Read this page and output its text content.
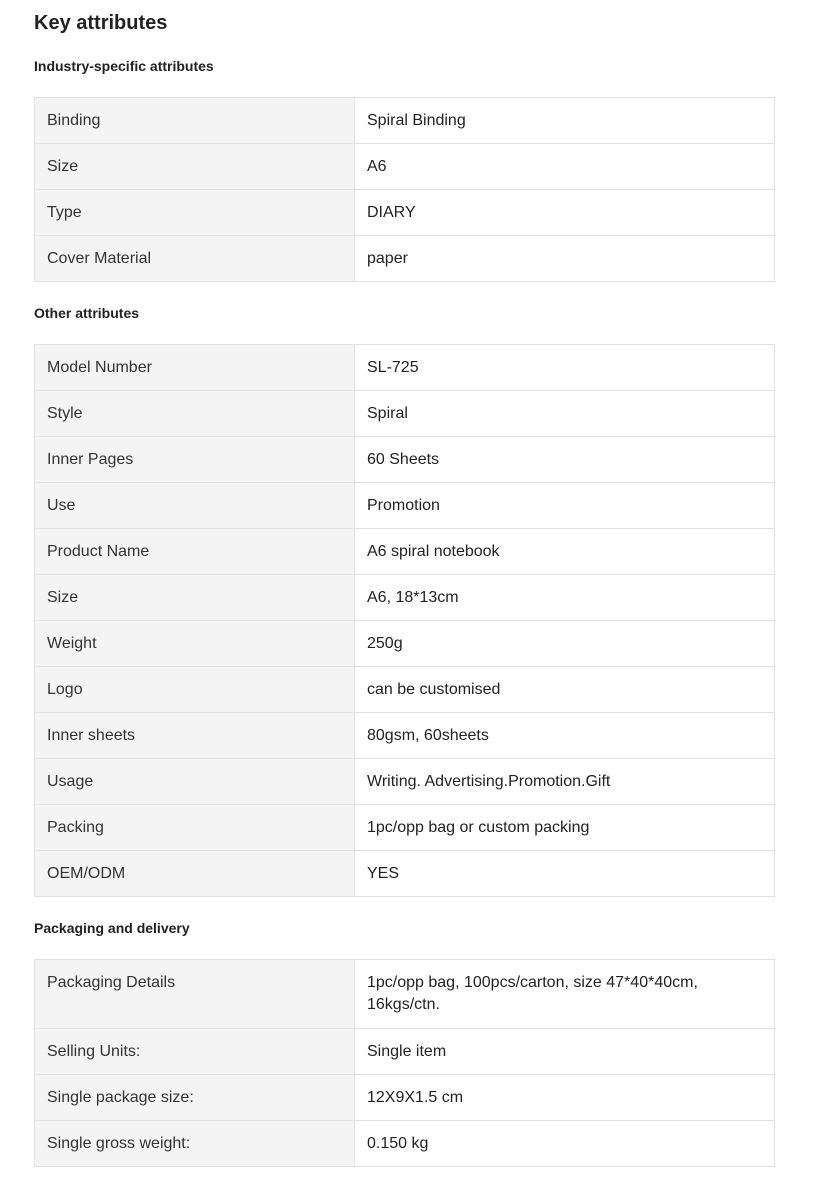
Key attributes
Industry-specific attributes
Binding	Spiral Binding
Size	A6
Type	DIARY
Cover Material	paper
Other attributes
Model Number	SL-725
Style	Spiral
Inner Pages	60 Sheets
Use	Promotion
Product Name	A6 spiral notebook
Size	A6, 18*13cm
Weight	250g
Logo	can be customised
Inner sheets	80gsm, 60sheets
Usage	Writing. Advertising.Promotion.Gift
Packing	1pc/opp bag or custom packing
OEM/ODM	YES
Packaging and delivery
Packaging Details	1pc/opp bag, 100pcs/carton, size 47*40*40cm, 16kgs/ctn.
Selling Units:	Single item
Single package size:	12X9X1.5 cm
Single gross weight:	0.150 kg
